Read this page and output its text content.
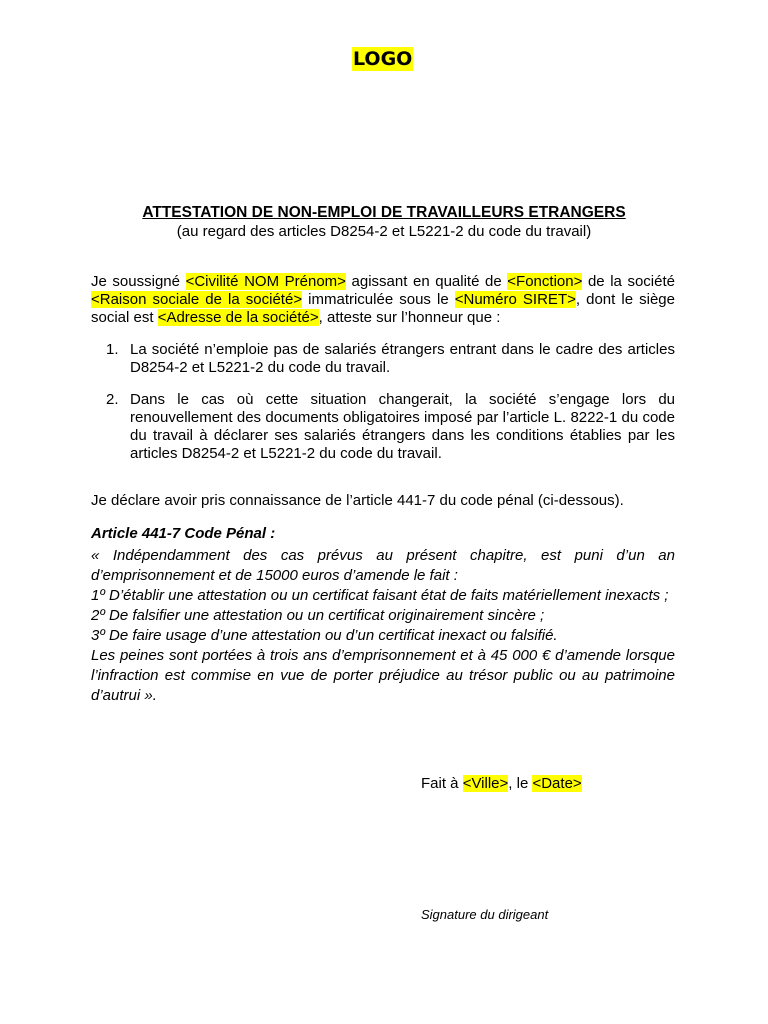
LOGO
ATTESTATION DE NON-EMPLOI DE TRAVAILLEURS ETRANGERS
(au regard des articles D8254-2 et L5221-2 du code du travail)
Je soussigné <Civilité NOM Prénom> agissant en qualité de <Fonction> de la société <Raison sociale de la société> immatriculée sous le <Numéro SIRET>, dont le siège social est <Adresse de la société>, atteste sur l’honneur que :
1. La société n’emploie pas de salariés étrangers entrant dans le cadre des articles D8254-2 et L5221-2 du code du travail.
2. Dans le cas où cette situation changerait, la société s’engage lors du renouvellement des documents obligatoires imposé par l’article L. 8222-1 du code du travail à déclarer ses salariés étrangers dans les conditions établies par les articles D8254-2 et L5221-2 du code du travail.
Je déclare avoir pris connaissance de l’article 441-7 du code pénal (ci-dessous).
Article 441-7 Code Pénal :

« Indépendamment des cas prévus au présent chapitre, est puni d’un an d’emprisonnement et de 15000 euros d’amende le fait :

1º D’établir une attestation ou un certificat faisant état de faits matériellement inexacts ;

2º De falsifier une attestation ou un certificat originairement sincère ;

3º De faire usage d’une attestation ou d’un certificat inexact ou falsifié.

Les peines sont portées à trois ans d’emprisonnement et à 45 000 € d’amende lorsque l’infraction est commise en vue de porter préjudice au trésor public ou au patrimoine d’autrui ».

Fait à <Ville>, le <Date>
Signature du dirigeant
